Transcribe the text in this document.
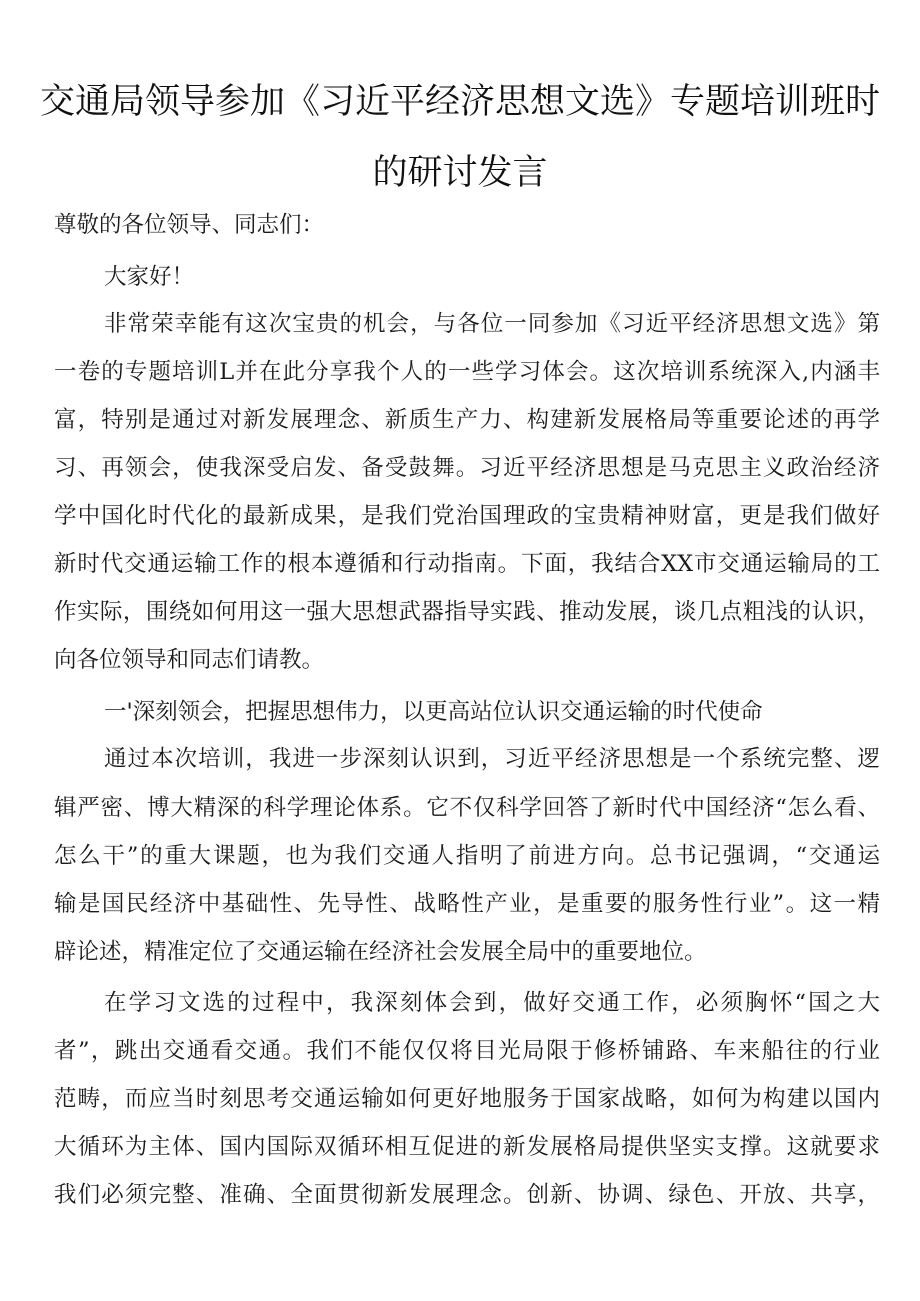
交通局领导参加《习近平经济思想文选》专题培训班时
的研讨发言

尊敬的各位领导、同志们：

大家好！

非常荣幸能有这次宝贵的机会，与各位一同参加《习近平经济思想文选》第

一卷的专题培训L并在此分享我个人的一些学习体会。这次培训系统深入,内涵丰

富，特别是通过对新发展理念、新质生产力、构建新发展格局等重要论述的再学

习、再领会，使我深受启发、备受鼓舞。习近平经济思想是马克思主义政治经济

学中国化时代化的最新成果，是我们党治国理政的宝贵精神财富，更是我们做好

新时代交通运输工作的根本遵循和行动指南。下面，我结合XX市交通运输局的工

作实际，围绕如何用这一强大思想武器指导实践、推动发展，谈几点粗浅的认识，

向各位领导和同志们请教。

一'深刻领会，把握思想伟力，以更高站位认识交通运输的时代使命

通过本次培训，我进一步深刻认识到，习近平经济思想是一个系统完整、逻

辑严密、博大精深的科学理论体系。它不仅科学回答了新时代中国经济“怎么看、

怎么干”的重大课题，也为我们交通人指明了前进方向。总书记强调，“交通运

输是国民经济中基础性、先导性、战略性产业，是重要的服务性行业”。这一精

辟论述，精准定位了交通运输在经济社会发展全局中的重要地位。

在学习文选的过程中，我深刻体会到，做好交通工作，必须胸怀“国之大

者”，跳出交通看交通。我们不能仅仅将目光局限于修桥铺路、车来船往的行业

范畴，而应当时刻思考交通运输如何更好地服务于国家战略，如何为构建以国内

大循环为主体、国内国际双循环相互促进的新发展格局提供坚实支撑。这就要求

我们必须完整、准确、全面贯彻新发展理念。创新、协调、绿色、开放、共享，
